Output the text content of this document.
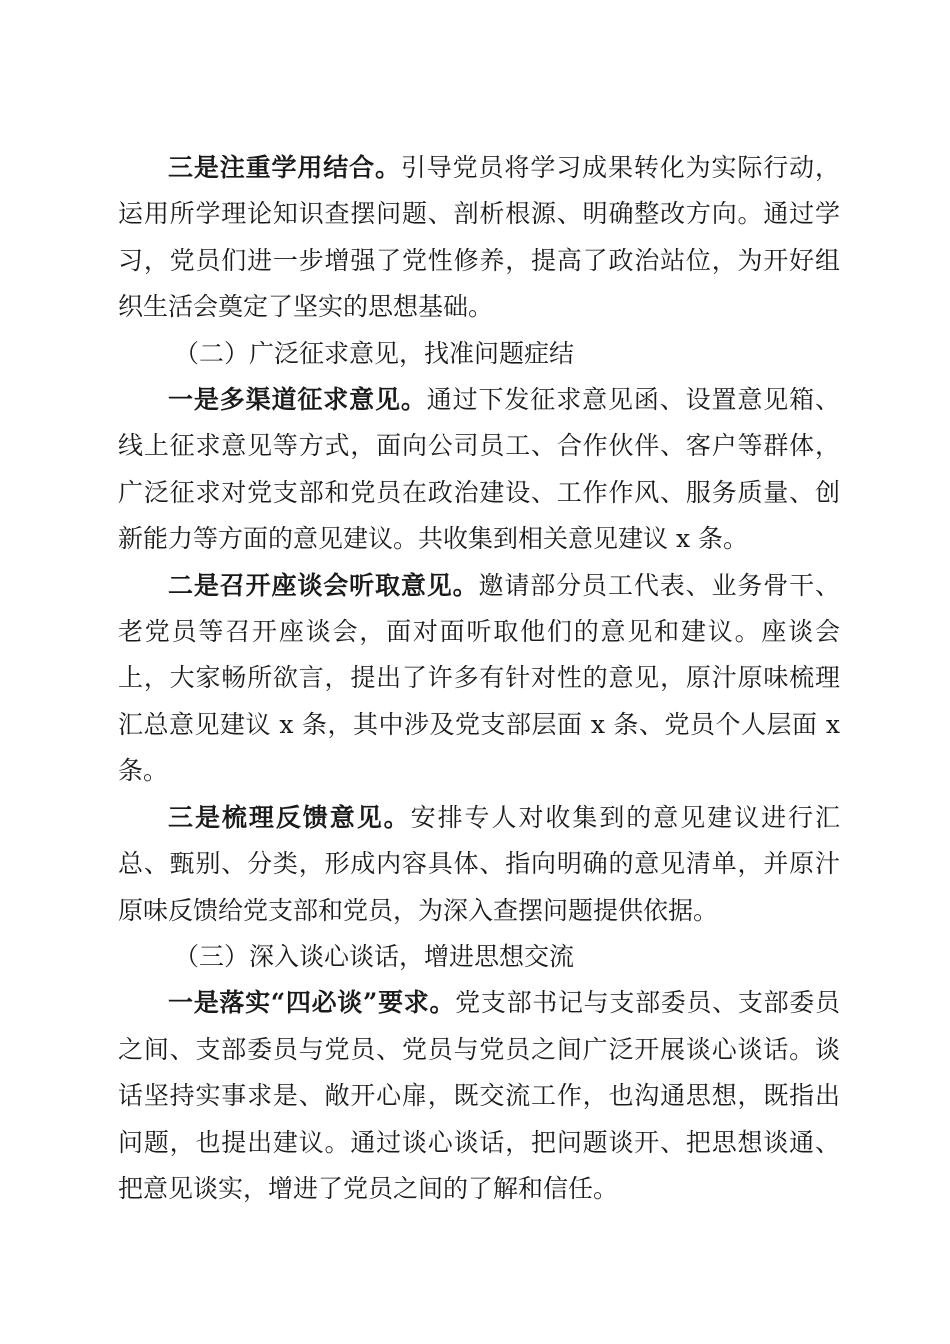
三是注重学用结合。引导党员将学习成果转化为实际行动，运用所学理论知识查摆问题、剖析根源、明确整改方向。通过学习，党员们进一步增强了党性修养，提高了政治站位，为开好组织生活会奠定了坚实的思想基础。

（二）广泛征求意见，找准问题症结

一是多渠道征求意见。通过下发征求意见函、设置意见箱、线上征求意见等方式，面向公司员工、合作伙伴、客户等群体，广泛征求对党支部和党员在政治建设、工作作风、服务质量、创新能力等方面的意见建议。共收集到相关意见建议 x 条。

二是召开座谈会听取意见。邀请部分员工代表、业务骨干、老党员等召开座谈会，面对面听取他们的意见和建议。座谈会上，大家畅所欲言，提出了许多有针对性的意见，原汁原味梳理汇总意见建议 x 条，其中涉及党支部层面 x 条、党员个人层面 x 条。

三是梳理反馈意见。安排专人对收集到的意见建议进行汇总、甄别、分类，形成内容具体、指向明确的意见清单，并原汁原味反馈给党支部和党员，为深入查摆问题提供依据。

（三）深入谈心谈话，增进思想交流

一是落实“四必谈”要求。党支部书记与支部委员、支部委员之间、支部委员与党员、党员与党员之间广泛开展谈心谈话。谈话坚持实事求是、敞开心扉，既交流工作，也沟通思想，既指出问题，也提出建议。通过谈心谈话，把问题谈开、把思想谈通、把意见谈实，增进了党员之间的了解和信任。
